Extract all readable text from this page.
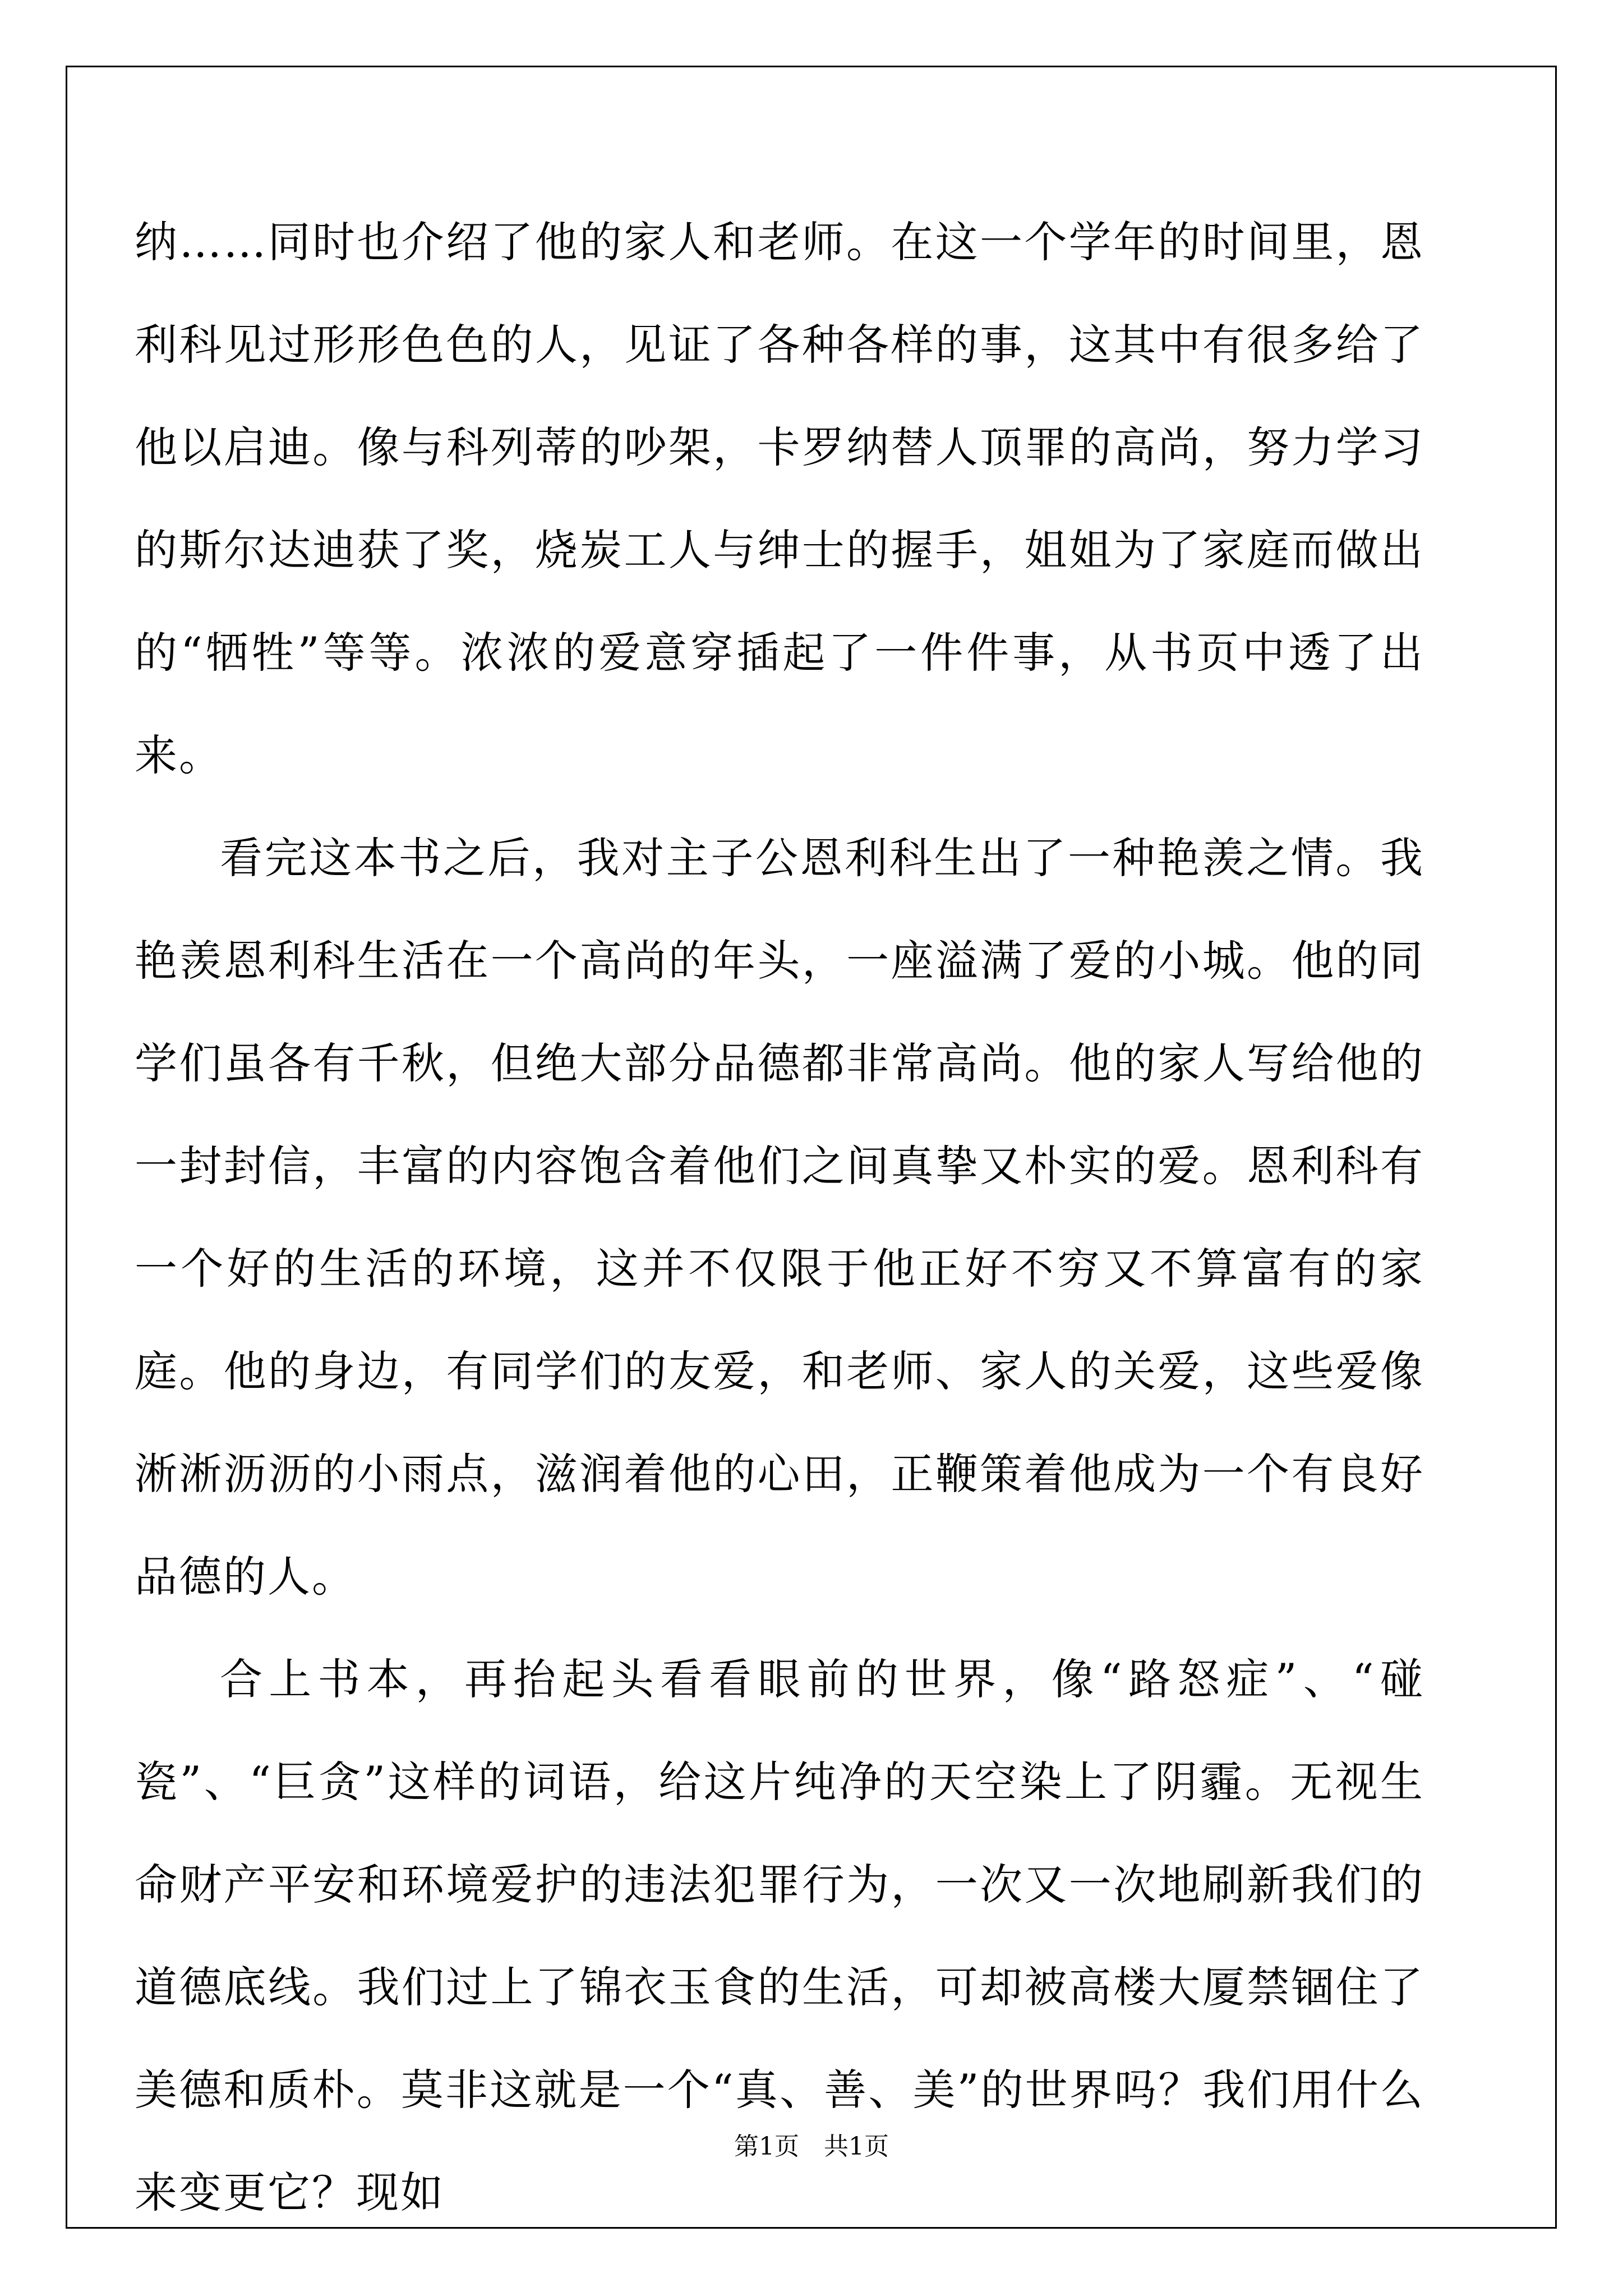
纳……同时也介绍了他的家人和老师。在这一个学年的时间里，恩利科见过形形色色的人，见证了各种各样的事，这其中有很多给了他以启迪。像与科列蒂的吵架，卡罗纳替人顶罪的高尚，努力学习的斯尔达迪获了奖，烧炭工人与绅士的握手，姐姐为了家庭而做出的“牺牲”等等。浓浓的爱意穿插起了一件件事，从书页中透了出来。

看完这本书之后，我对主子公恩利科生出了一种艳羡之情。我艳羡恩利科生活在一个高尚的年头，一座溢满了爱的小城。他的同学们虽各有千秋，但绝大部分品德都非常高尚。他的家人写给他的一封封信，丰富的内容饱含着他们之间真挚又朴实的爱。恩利科有一个好的生活的环境，这并不仅限于他正好不穷又不算富有的家庭。他的身边，有同学们的友爱，和老师、家人的关爱，这些爱像淅淅沥沥的小雨点，滋润着他的心田，正鞭策着他成为一个有良好品德的人。

合上书本，再抬起头看看眼前的世界，像“路怒症”、“碰瓷”、“巨贪”这样的词语，给这片纯净的天空染上了阴霾。无视生命财产平安和环境爱护的违法犯罪行为，一次又一次地刷新我们的道德底线。我们过上了锦衣玉食的生活，可却被高楼大厦禁锢住了美德和质朴。莫非这就是一个“真、善、美”的世界吗？我们用什么来变更它？现如

第1页　共1页
